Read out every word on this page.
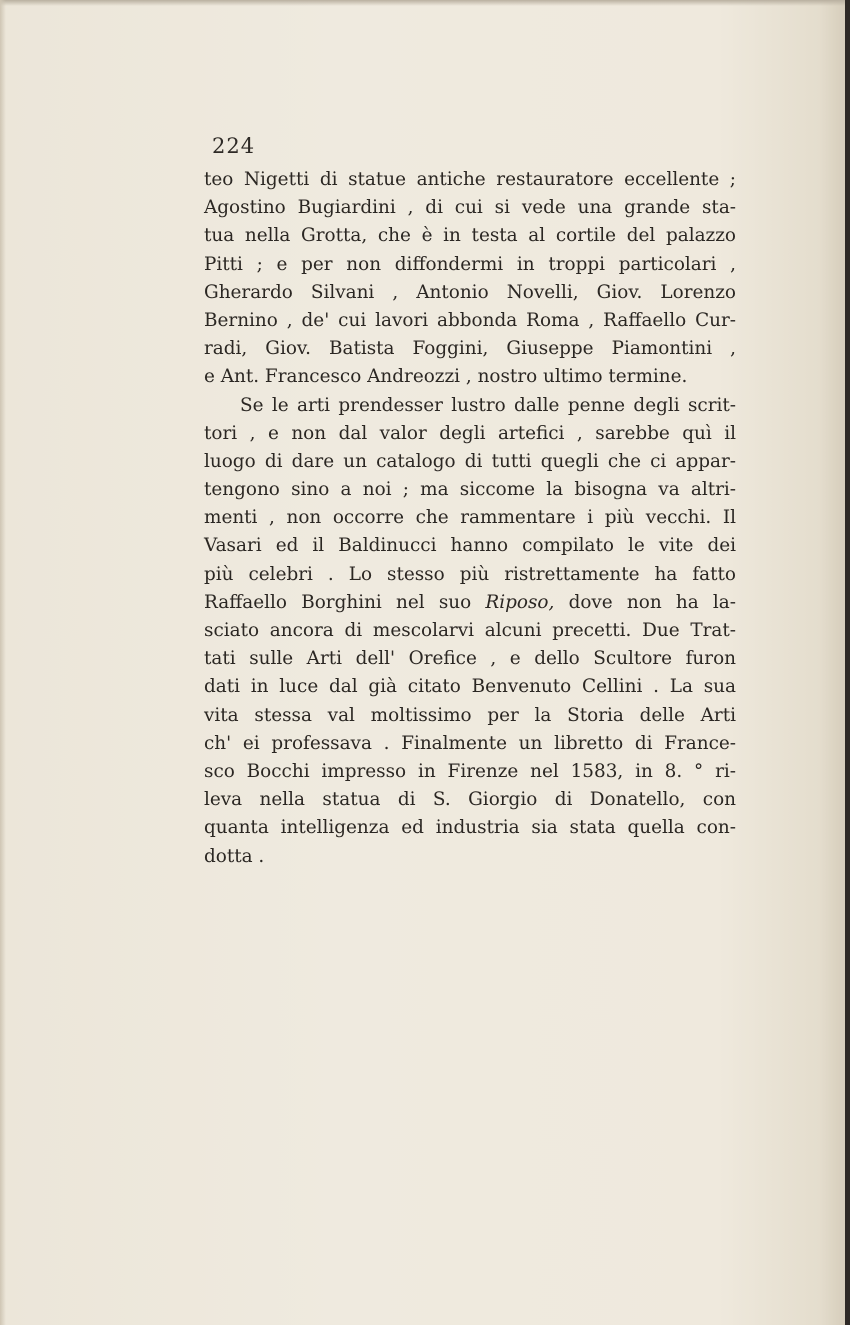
224
teo Nigetti di statue antiche restauratore eccellente ;
Agostino Bugiardini , di cui si vede una grande sta-
tua nella Grotta, che è in testa al cortile del palazzo
Pitti ; e per non diffondermi in troppi particolari ,
Gherardo Silvani , Antonio Novelli, Giov. Lorenzo
Bernino , de' cui lavori abbonda Roma , Raffaello Cur-
radi, Giov. Batista Foggini, Giuseppe Piamontini ,
e Ant. Francesco Andreozzi , nostro ultimo termine.
Se le arti prendesser lustro dalle penne degli scrit-
tori , e non dal valor degli artefici , sarebbe quì il
luogo di dare un catalogo di tutti quegli che ci appar-
tengono sino a noi ; ma siccome la bisogna va altri-
menti , non occorre che rammentare i più vecchi. Il
Vasari ed il Baldinucci hanno compilato le vite dei
più celebri . Lo stesso più ristrettamente ha fatto
Raffaello Borghini nel suo Riposo, dove non ha la-
sciato ancora di mescolarvi alcuni precetti. Due Trat-
tati sulle Arti dell' Orefice , e dello Scultore furon
dati in luce dal già citato Benvenuto Cellini . La sua
vita stessa val moltissimo per la Storia delle Arti
ch' ei professava . Finalmente un libretto di France-
sco Bocchi impresso in Firenze nel 1583, in 8. ° ri-
leva nella statua di S. Giorgio di Donatello, con
quanta intelligenza ed industria sia stata quella con-
dotta .
